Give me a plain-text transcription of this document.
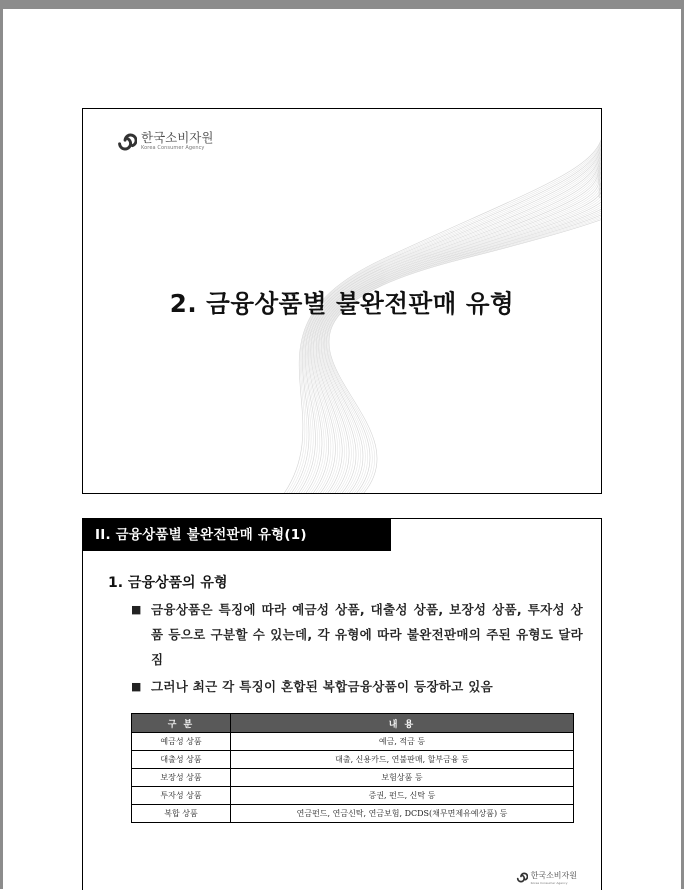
한국소비자원
Korea Consumer Agency
2. 금융상품별 불완전판매 유형
II. 금융상품별 불완전판매 유형(1)
1. 금융상품의 유형
■ 금융상품은 특징에 따라 예금성 상품, 대출성 상품, 보장성 상품, 투자성 상품 등으로 구분할 수 있는데, 각 유형에 따라 불완전판매의 주된 유형도 달라짐
■ 그러나 최근 각 특징이 혼합된 복합금융상품이 등장하고 있음
구 분	내 용
예금성 상품	예금, 적금 등
대출성 상품	대출, 신용카드, 연불판매, 할부금융 등
보장성 상품	보험상품 등
투자성 상품	증권, 펀드, 신탁 등
복합 상품	연금펀드, 연금신탁, 연금보험, DCDS(채무면제유예상품) 등
한국소비자원
Korea Consumer Agency
